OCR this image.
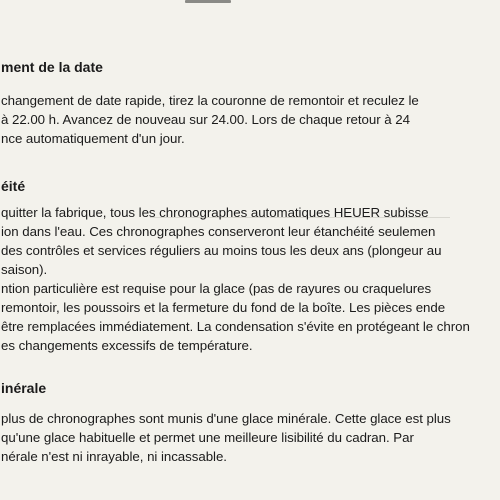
ment de la date
changement de date rapide, tirez la couronne de remontoir et reculez le
à 22.00 h. Avancez de nouveau sur 24.00. Lors de chaque retour à 24
nce automatiquement d'un jour.
éité
quitter la fabrique, tous les chronographes automatiques HEUER subisse
ion dans l'eau. Ces chronographes conserveront leur étanchéité seulemen
des contrôles et services réguliers au moins tous les deux ans (plongeur au
saison).
ntion particulière est requise pour la glace (pas de rayures ou craquelures
remontoir, les poussoirs et la fermeture du fond de la boîte. Les pièces ende
être remplacées immédiatement. La condensation s'évite en protégeant le chron
es changements excessifs de température.
inérale
plus de chronographes sont munis d'une glace minérale. Cette glace est plus
qu'une glace habituelle et permet une meilleure lisibilité du cadran. Par
nérale n'est ni inrayable, ni incassable.
